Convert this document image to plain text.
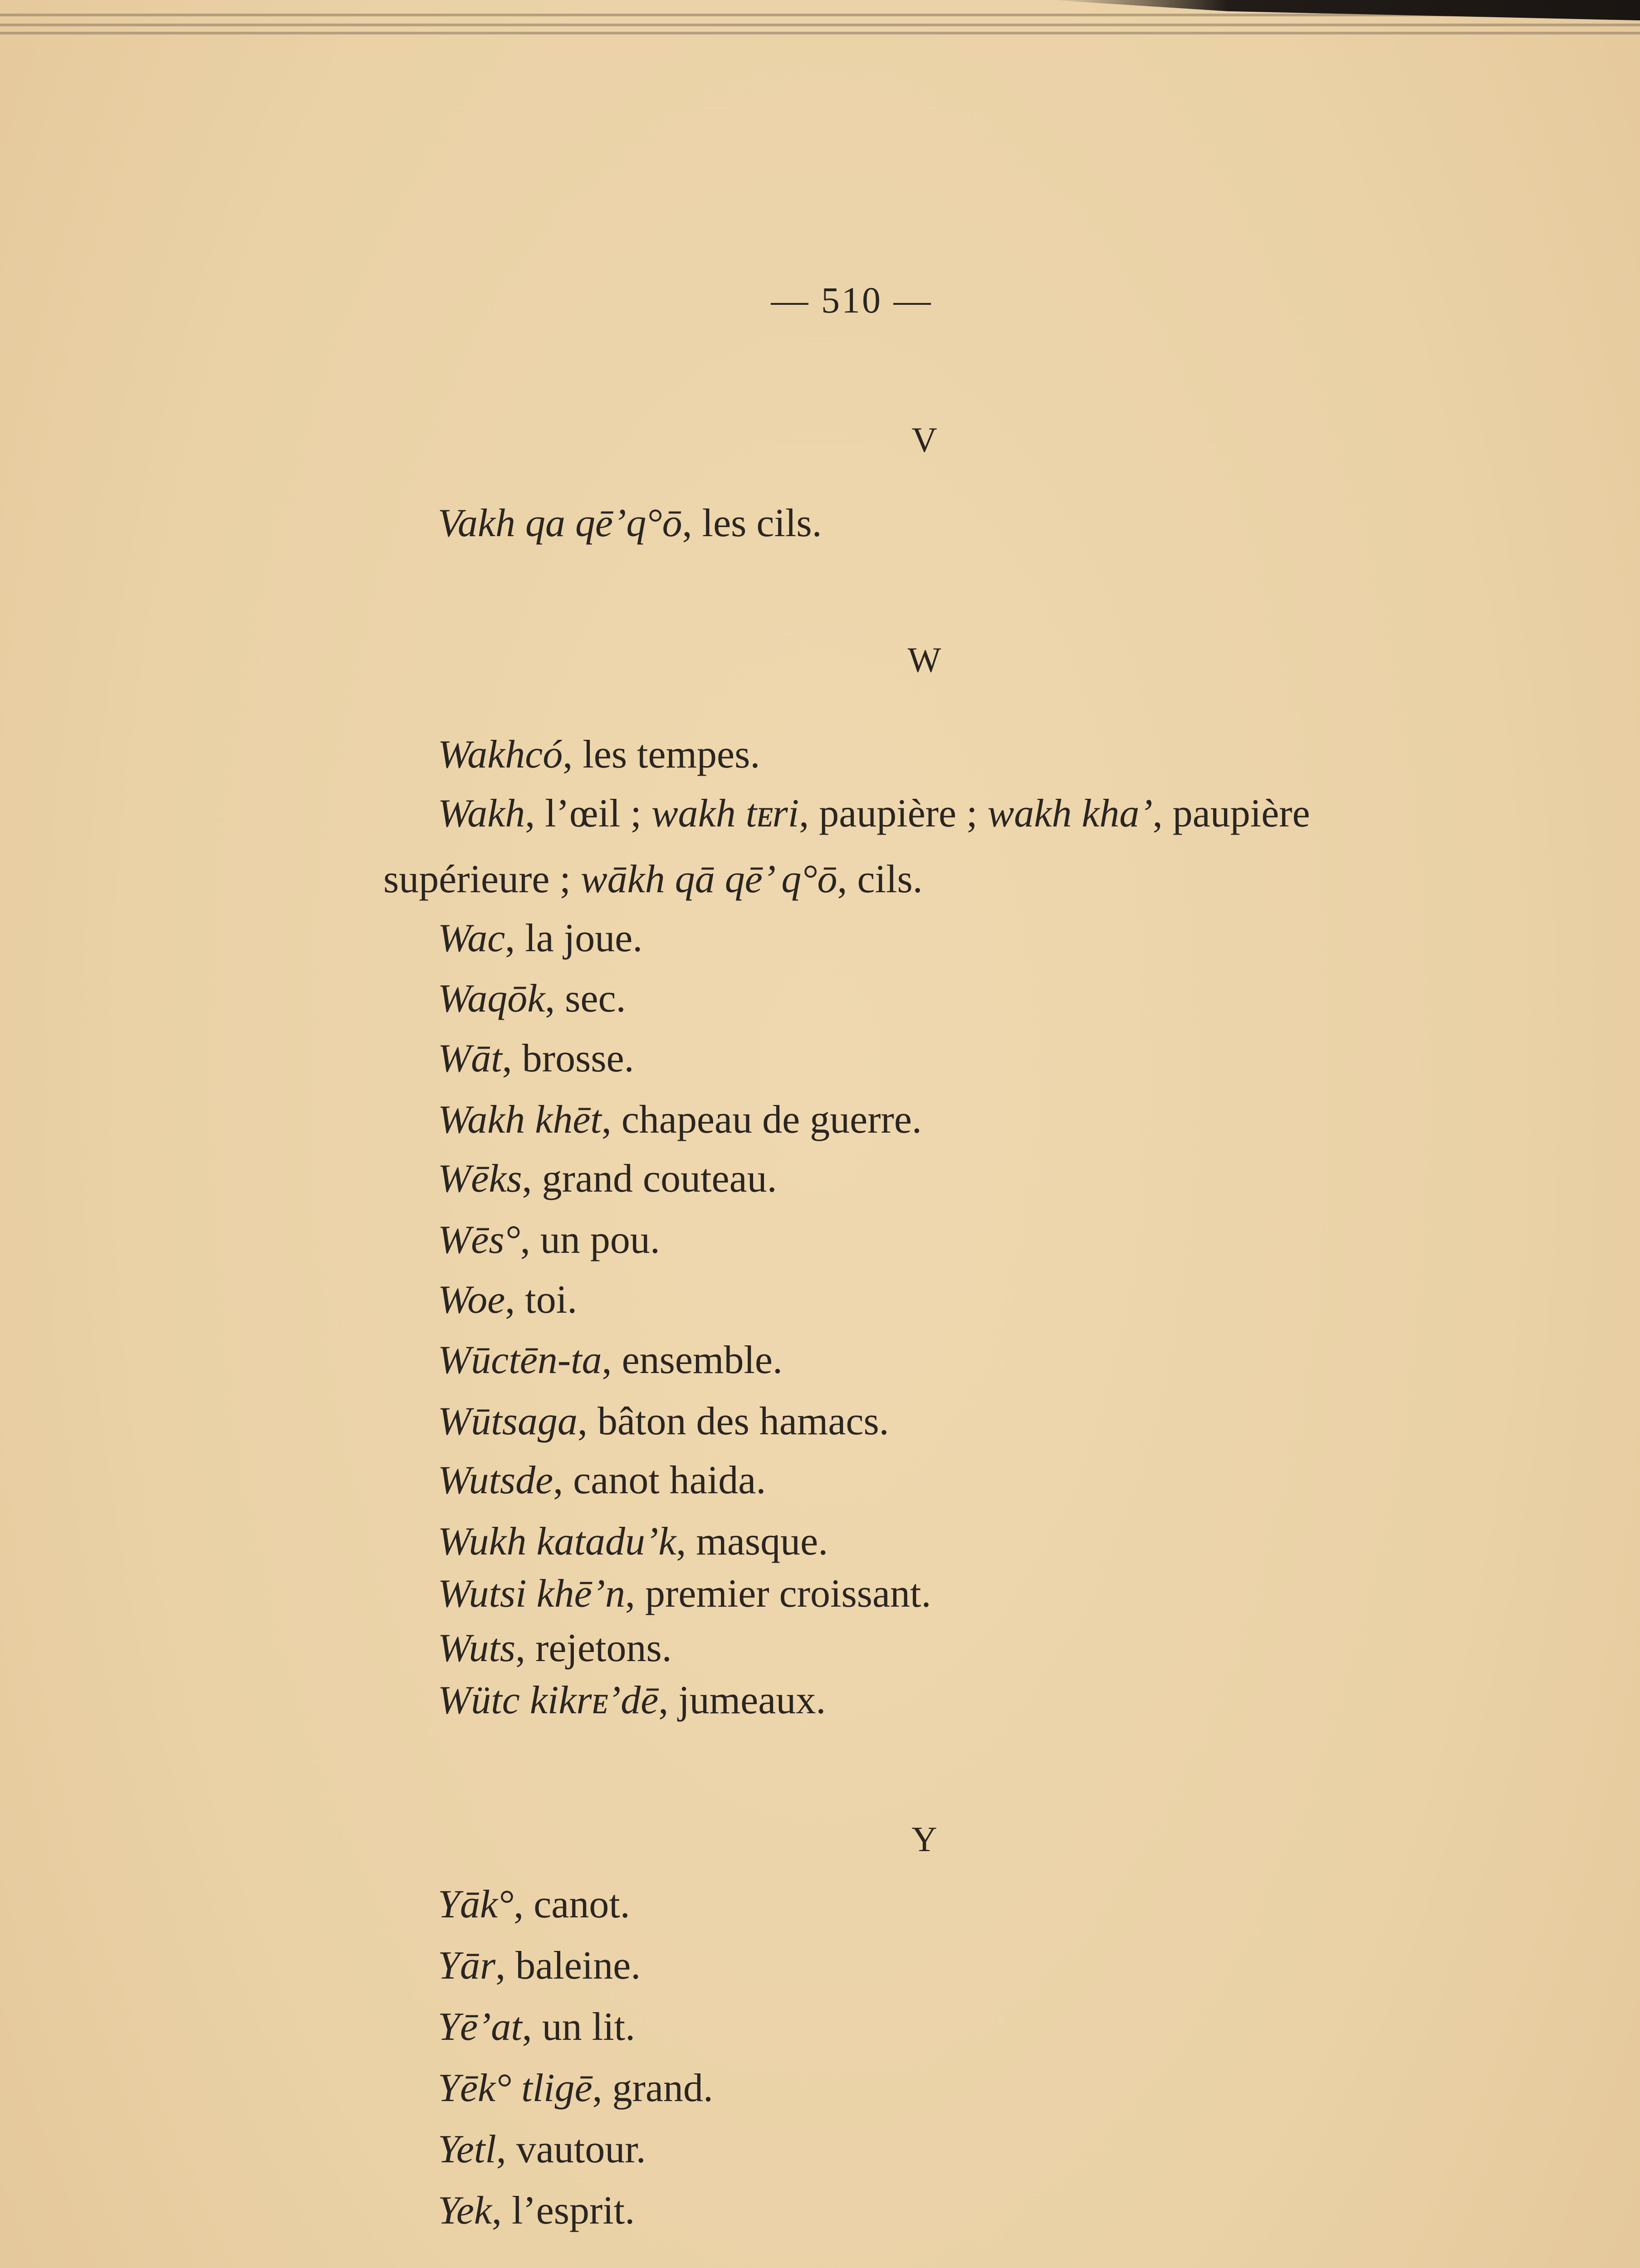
— 510 —
V
Vakh qa qē’q°ō, les cils.
W
Wakhcó, les tempes.
Wakh, l’œil ; wakh tᴇri, paupière ; wakh kha’, paupière
supérieure ; wākh qā qē’ q°ō, cils.
Wac, la joue.
Waqōk, sec.
Wāt, brosse.
Wakh khēt, chapeau de guerre.
Wēks, grand couteau.
Wēs°, un pou.
Woe, toi.
Wūctēn-ta, ensemble.
Wūtsaga, bâton des hamacs.
Wutsde, canot haida.
Wukh katadu’k, masque.
Wutsi khē’n, premier croissant.
Wuts, rejetons.
Wütc kikrᴇ’dē, jumeaux.
Y
Yāk°, canot.
Yār, baleine.
Yē’at, un lit.
Yēk° tligē, grand.
Yetl, vautour.
Yek, l’esprit.
